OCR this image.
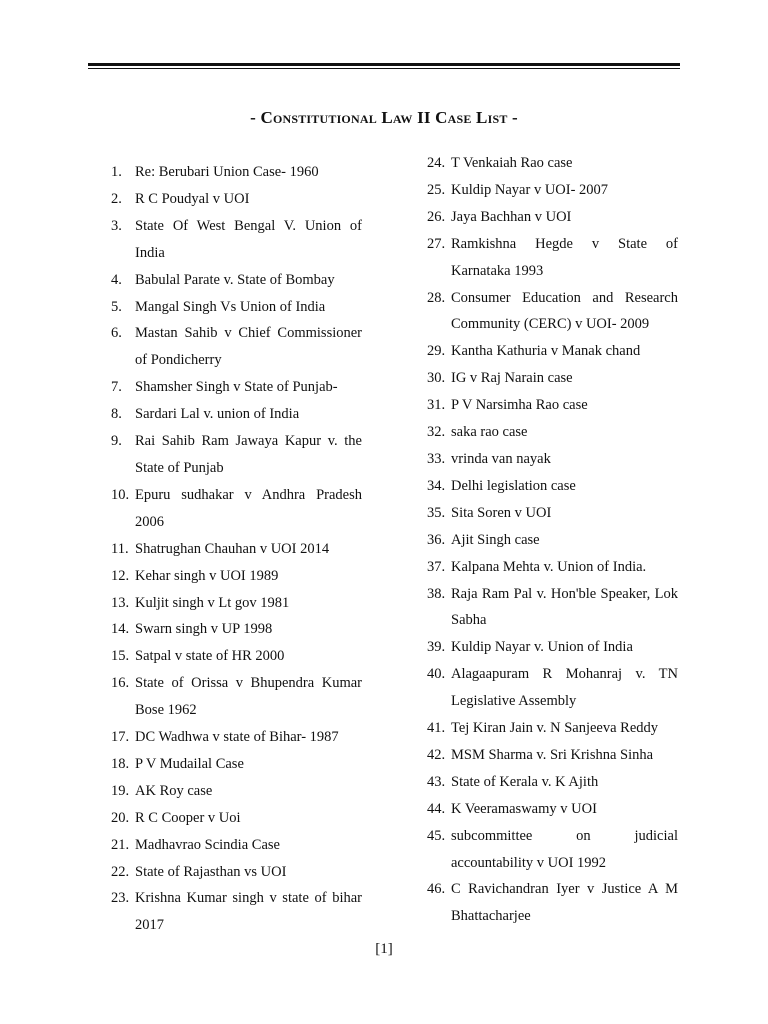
- Constitutional Law II Case List -
1. Re: Berubari Union Case- 1960
2. R C Poudyal v UOI
3. State Of West Bengal V. Union of India
4. Babulal Parate v. State of Bombay
5. Mangal Singh Vs Union of India
6. Mastan Sahib v Chief Commissioner of Pondicherry
7. Shamsher Singh v State of Punjab-
8. Sardari Lal v. union of India
9. Rai Sahib Ram Jawaya Kapur v. the State of Punjab
10. Epuru sudhakar v Andhra Pradesh 2006
11. Shatrughan Chauhan v UOI 2014
12. Kehar singh v UOI 1989
13. Kuljit singh v Lt gov 1981
14. Swarn singh v UP 1998
15. Satpal v state of HR 2000
16. State of Orissa v Bhupendra Kumar Bose 1962
17. DC Wadhwa v state of Bihar- 1987
18. P V Mudailal Case
19. AK Roy case
20. R C Cooper v Uoi
21. Madhavrao Scindia Case
22. State of Rajasthan vs UOI
23. Krishna Kumar singh v state of bihar 2017
24. T Venkaiah Rao case
25. Kuldip Nayar v UOI- 2007
26. Jaya Bachhan v UOI
27. Ramkishna Hegde v State of Karnataka 1993
28. Consumer Education and Research Community (CERC) v UOI- 2009
29. Kantha Kathuria v Manak chand
30. IG v Raj Narain case
31. P V Narsimha Rao case
32. saka rao case
33. vrinda van nayak
34. Delhi legislation case
35. Sita Soren v UOI
36. Ajit Singh case
37. Kalpana Mehta v. Union of India.
38. Raja Ram Pal v. Hon'ble Speaker, Lok Sabha
39. Kuldip Nayar v. Union of India
40. Alagaapuram R Mohanraj v. TN Legislative Assembly
41. Tej Kiran Jain v. N Sanjeeva Reddy
42. MSM Sharma v. Sri Krishna Sinha
43. State of Kerala v. K Ajith
44. K Veeramaswamy v UOI
45. subcommittee on judicial accountability v UOI 1992
46. C Ravichandran Iyer v Justice A M Bhattacharjee
[1]
